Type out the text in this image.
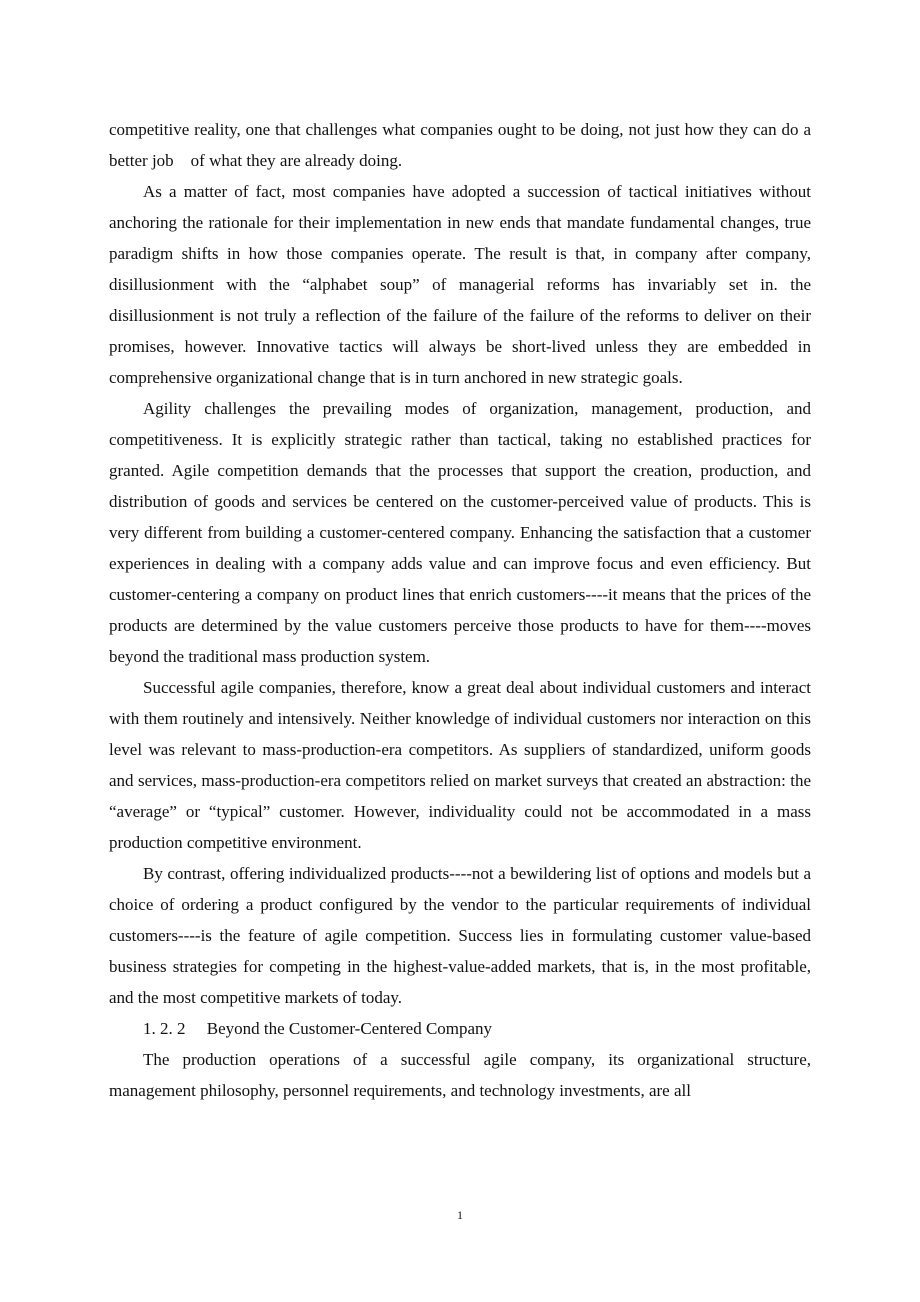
competitive reality, one that challenges what companies ought to be doing, not just how they can do a better job of what they are already doing.

As a matter of fact, most companies have adopted a succession of tactical initiatives without anchoring the rationale for their implementation in new ends that mandate fundamental changes, true paradigm shifts in how those companies operate. The result is that, in company after company, disillusionment with the “alphabet soup” of managerial reforms has invariably set in. the disillusionment is not truly a reflection of the failure of the failure of the reforms to deliver on their promises, however. Innovative tactics will always be short-lived unless they are embedded in comprehensive organizational change that is in turn anchored in new strategic goals.

Agility challenges the prevailing modes of organization, management, production, and competitiveness. It is explicitly strategic rather than tactical, taking no established practices for granted. Agile competition demands that the processes that support the creation, production, and distribution of goods and services be centered on the customer-perceived value of products. This is very different from building a customer-centered company. Enhancing the satisfaction that a customer experiences in dealing with a company adds value and can improve focus and even efficiency. But customer-centering a company on product lines that enrich customers----it means that the prices of the products are determined by the value customers perceive those products to have for them----moves beyond the traditional mass production system.

Successful agile companies, therefore, know a great deal about individual customers and interact with them routinely and intensively. Neither knowledge of individual customers nor interaction on this level was relevant to mass-production-era competitors. As suppliers of standardized, uniform goods and services, mass-production-era competitors relied on market surveys that created an abstraction: the “average” or “typical” customer. However, individuality could not be accommodated in a mass production competitive environment.

By contrast, offering individualized products----not a bewildering list of options and models but a choice of ordering a product configured by the vendor to the particular requirements of individual customers----is the feature of agile competition. Success lies in formulating customer value-based business strategies for competing in the highest-value-added markets, that is, in the most profitable, and the most competitive markets of today.

1. 2. 2  Beyond the Customer-Centered Company

The production operations of a successful agile company, its organizational structure, management philosophy, personnel requirements, and technology investments, are all

1
